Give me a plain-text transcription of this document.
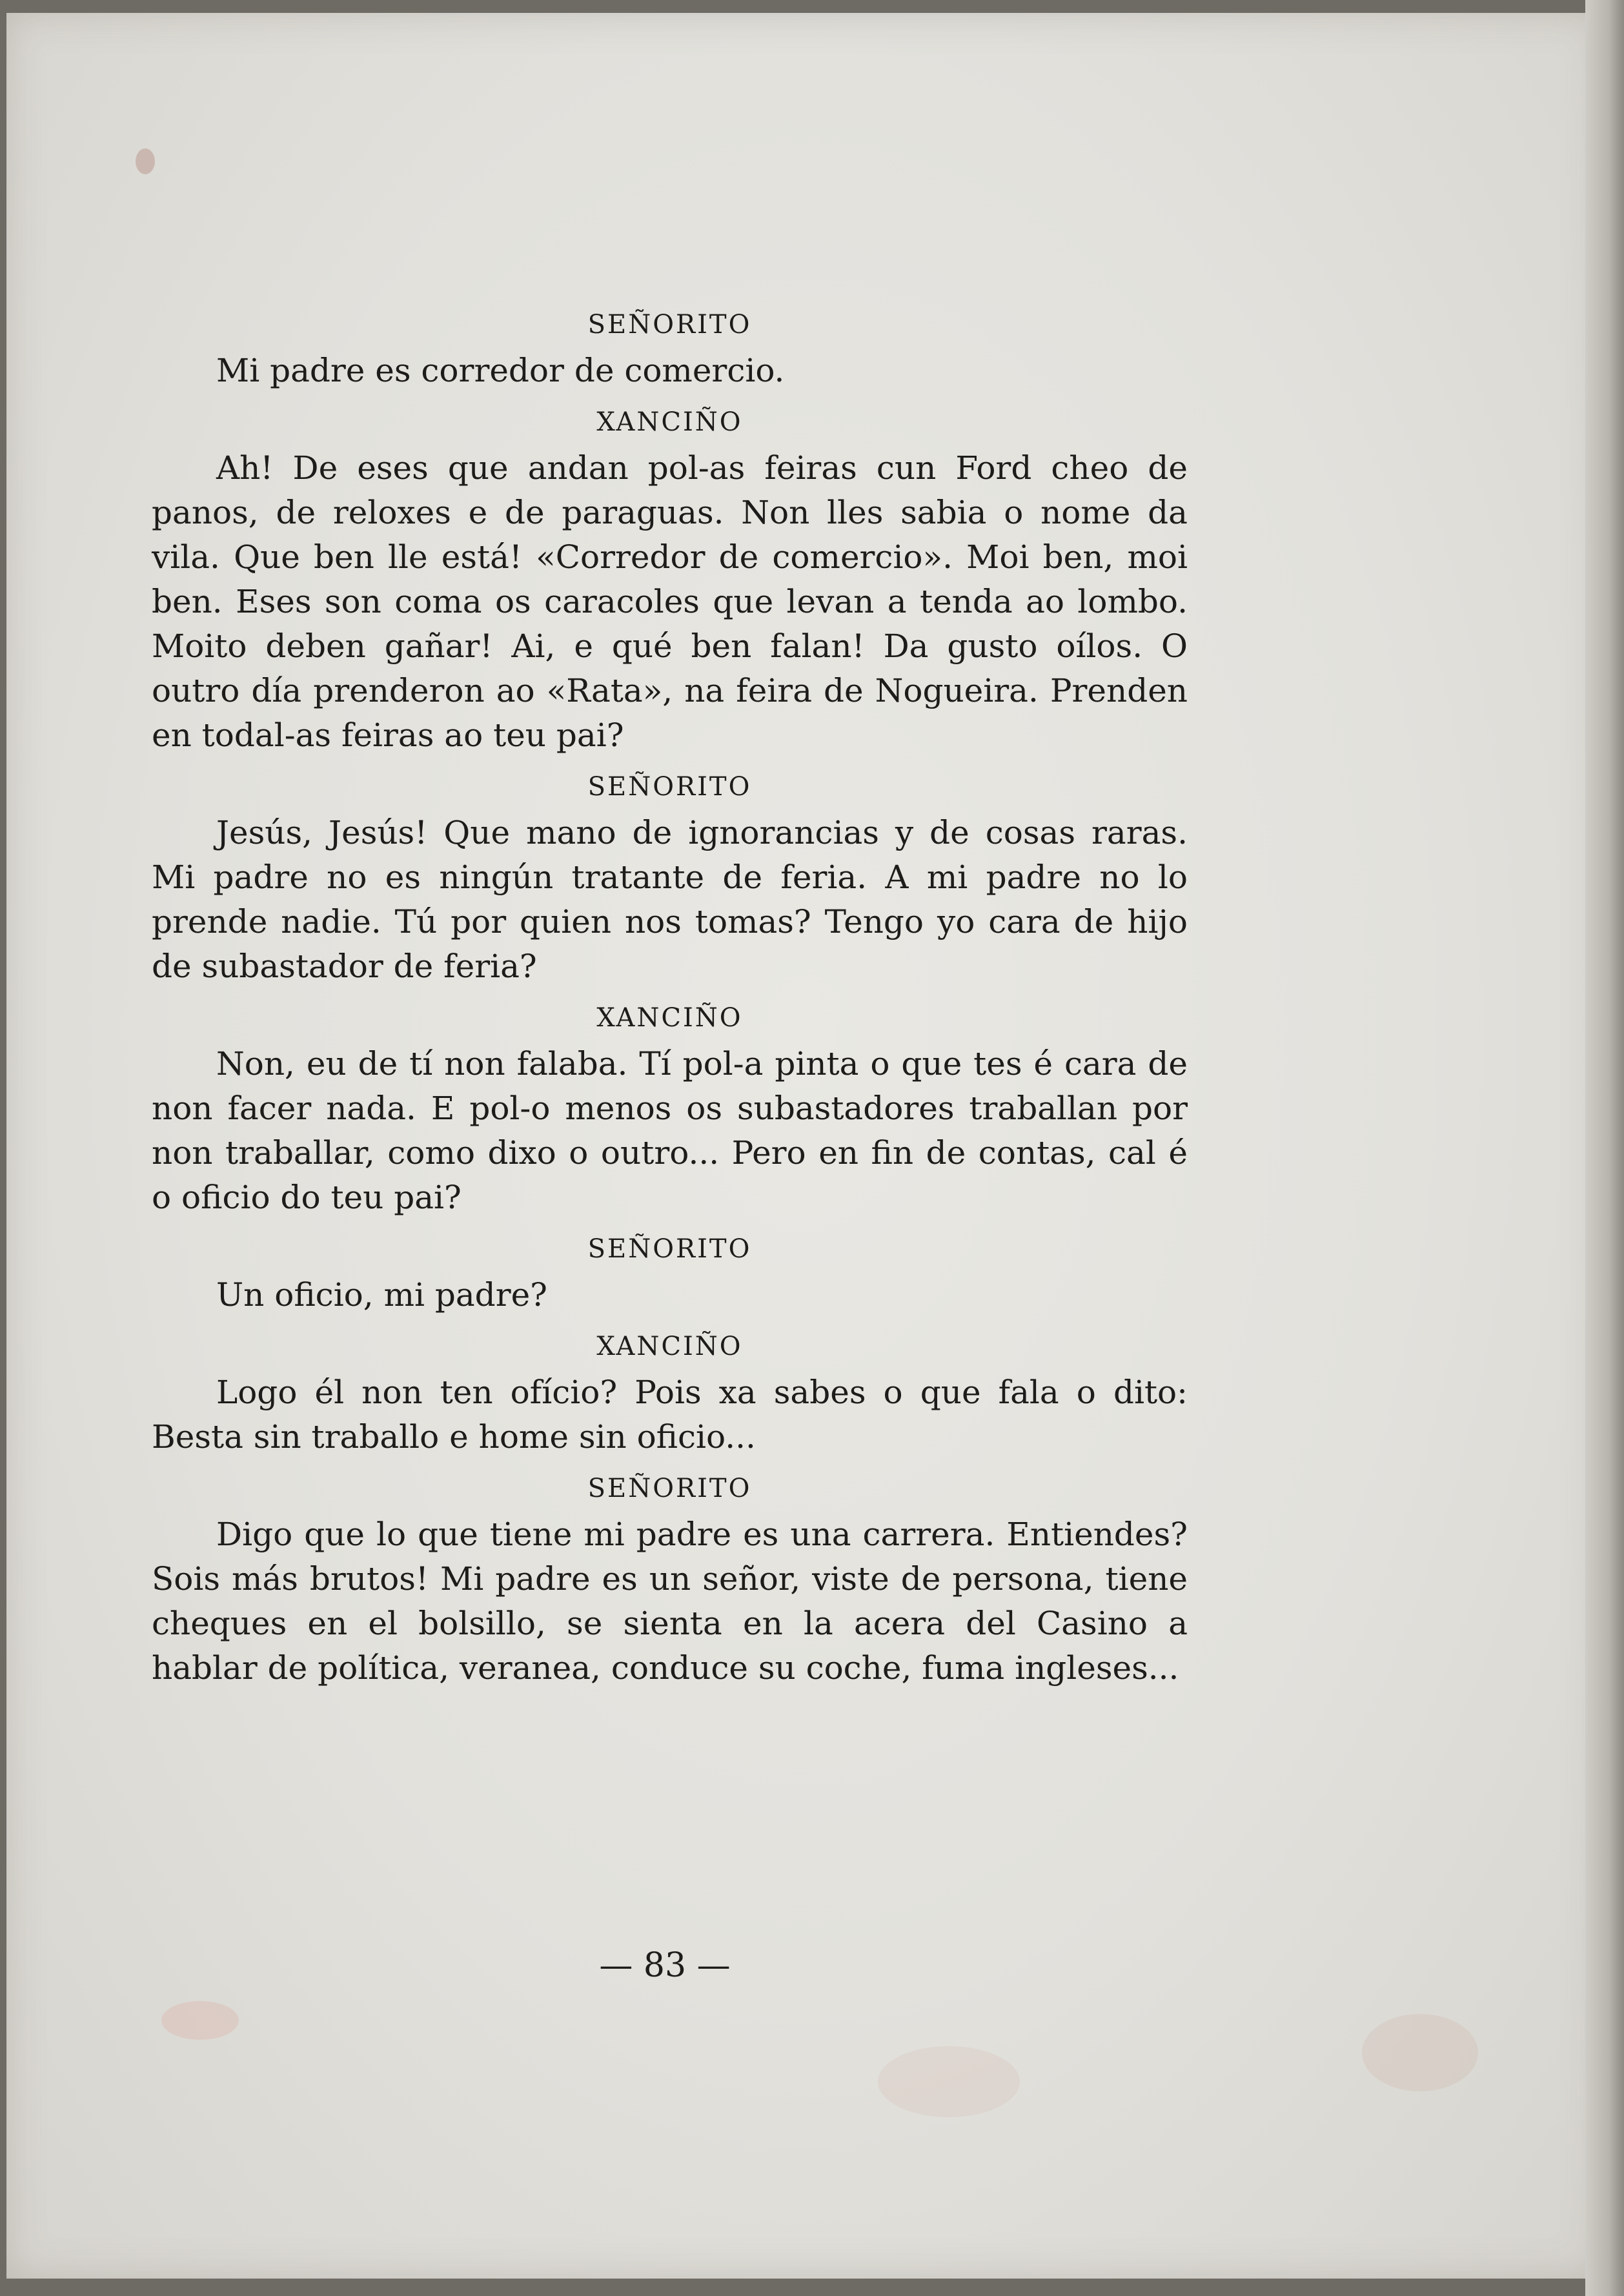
SEÑORITO

Mi padre es corredor de comercio.

XANCIÑO

Ah! De eses que andan pol-as feiras cun Ford cheo de panos, de reloxes e de paraguas. Non lles sabia o nome da vila. Que ben lle está! «Corredor de comercio». Moi ben, moi ben. Eses son coma os caracoles que levan a tenda ao lombo. Moito deben gañar! Ai, e qué ben falan! Da gusto oílos. O outro día prenderon ao «Rata», na feira de Nogueira. Prenden en todal-as feiras ao teu pai?

SEÑORITO

Jesús, Jesús! Que mano de ignorancias y de cosas raras. Mi padre no es ningún tratante de feria. A mi padre no lo prende nadie. Tú por quien nos tomas? Tengo yo cara de hijo de subastador de feria?

XANCIÑO

Non, eu de tí non falaba. Tí pol-a pinta o que tes é cara de non facer nada. E pol-o menos os subastadores traballan por non traballar, como dixo o outro... Pero en fin de contas, cal é o oficio do teu pai?

SEÑORITO

Un oficio, mi padre?

XANCIÑO

Logo él non ten ofício? Pois xa sabes o que fala o dito: Besta sin traballo e home sin oficio...

SEÑORITO

Digo que lo que tiene mi padre es una carrera. Entiendes? Sois más brutos! Mi padre es un señor, viste de persona, tiene cheques en el bolsillo, se sienta en la acera del Casino a hablar de política, veranea, conduce su coche, fuma ingleses...

— 83 —
